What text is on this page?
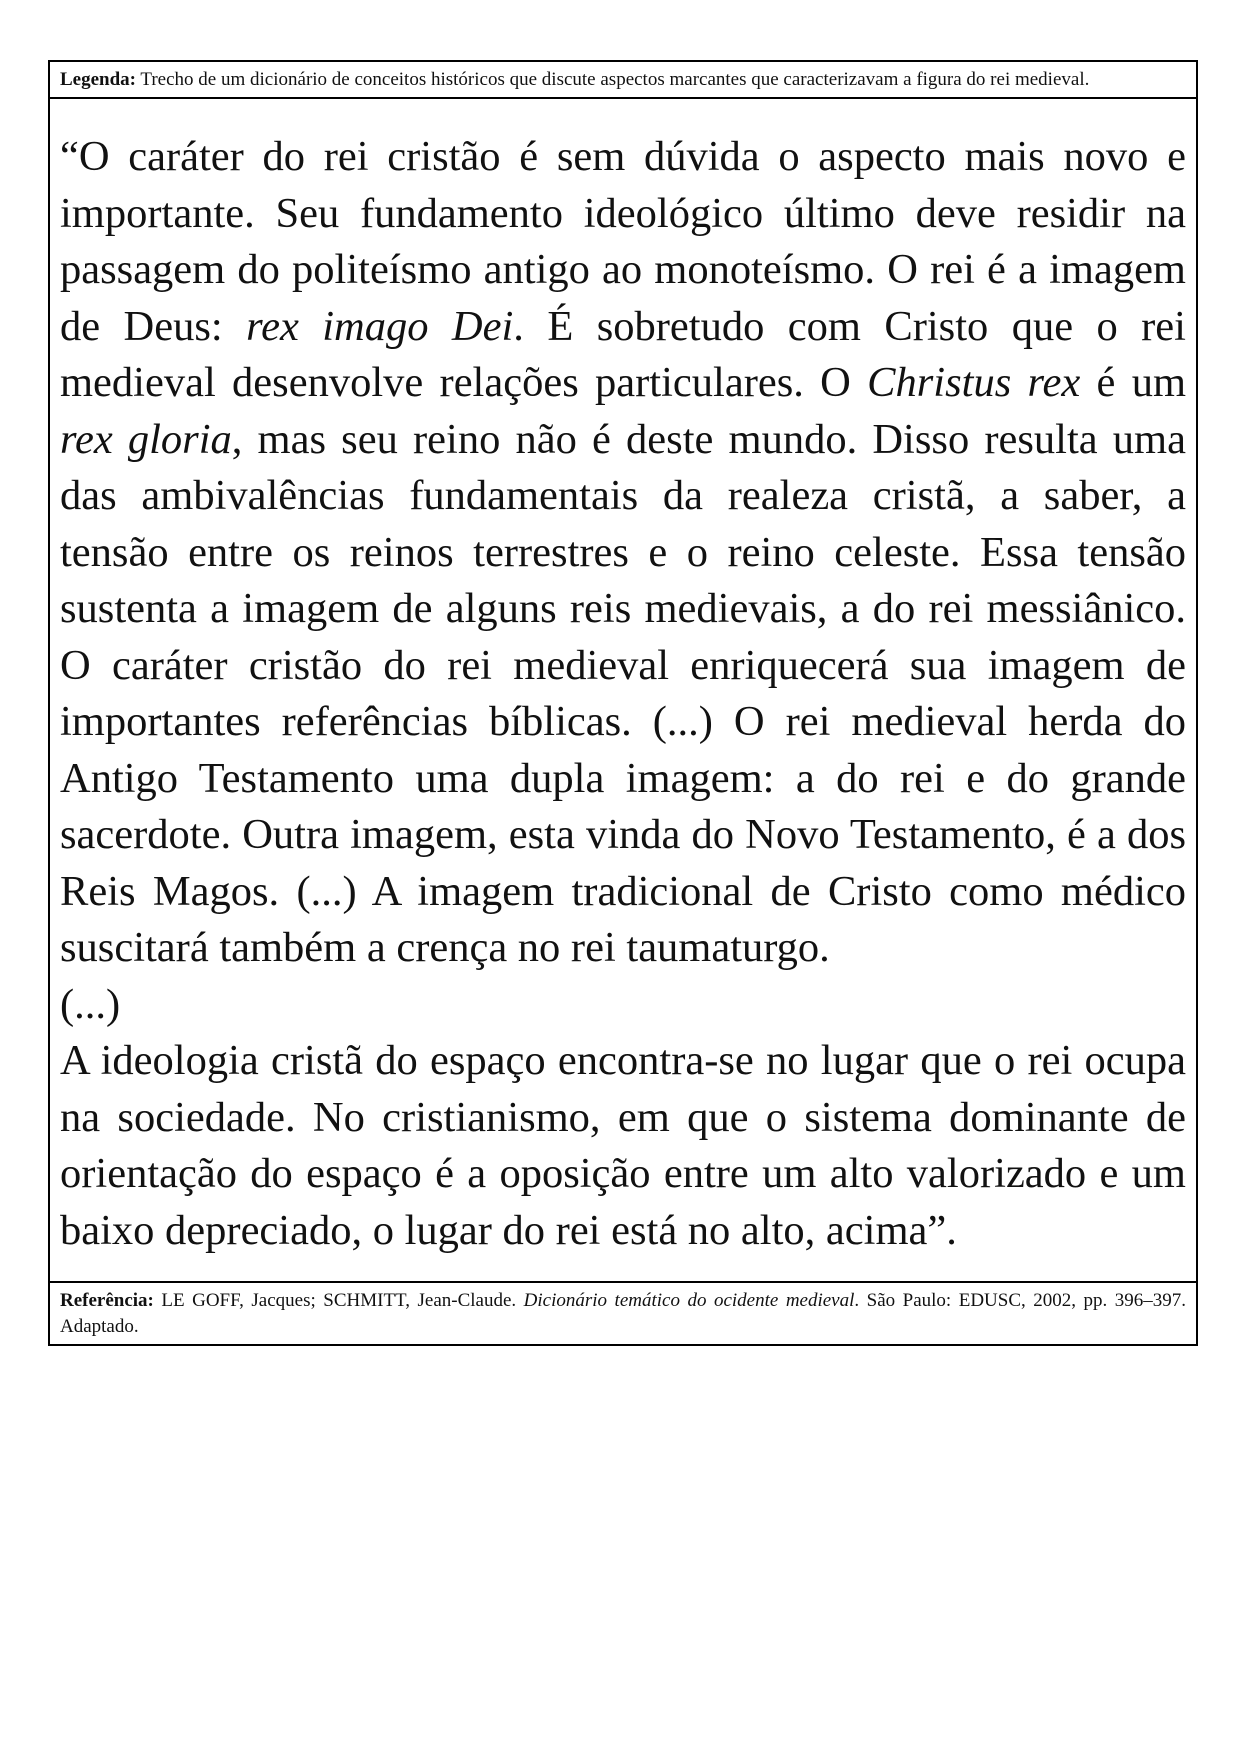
Legenda: Trecho de um dicionário de conceitos históricos que discute aspectos marcantes que caracterizavam a figura do rei medieval.

“O caráter do rei cristão é sem dúvida o aspecto mais novo e importante. Seu fundamento ideológico último deve residir na passagem do politeísmo antigo ao monoteísmo. O rei é a imagem de Deus: rex imago Dei. É sobretudo com Cristo que o rei medieval desenvolve relações particulares. O Christus rex é um rex gloria, mas seu reino não é deste mundo. Disso resulta uma das ambivalências fundamentais da realeza cristã, a saber, a tensão entre os reinos terrestres e o reino celeste. Essa tensão sustenta a imagem de alguns reis medievais, a do rei messiânico. O caráter cristão do rei medieval enriquecerá sua imagem de importantes referências bíblicas. (...) O rei medieval herda do Antigo Testamento uma dupla imagem: a do rei e do grande sacerdote. Outra imagem, esta vinda do Novo Testamento, é a dos Reis Magos. (...) A imagem tradicional de Cristo como médico suscitará também a crença no rei taumaturgo.

(...)

A ideologia cristã do espaço encontra-se no lugar que o rei ocupa na sociedade. No cristianismo, em que o sistema dominante de orientação do espaço é a oposição entre um alto valorizado e um baixo depreciado, o lugar do rei está no alto, acima”.

Referência: LE GOFF, Jacques; SCHMITT, Jean-Claude. Dicionário temático do ocidente medieval. São Paulo: EDUSC, 2002, pp. 396–397. Adaptado.
